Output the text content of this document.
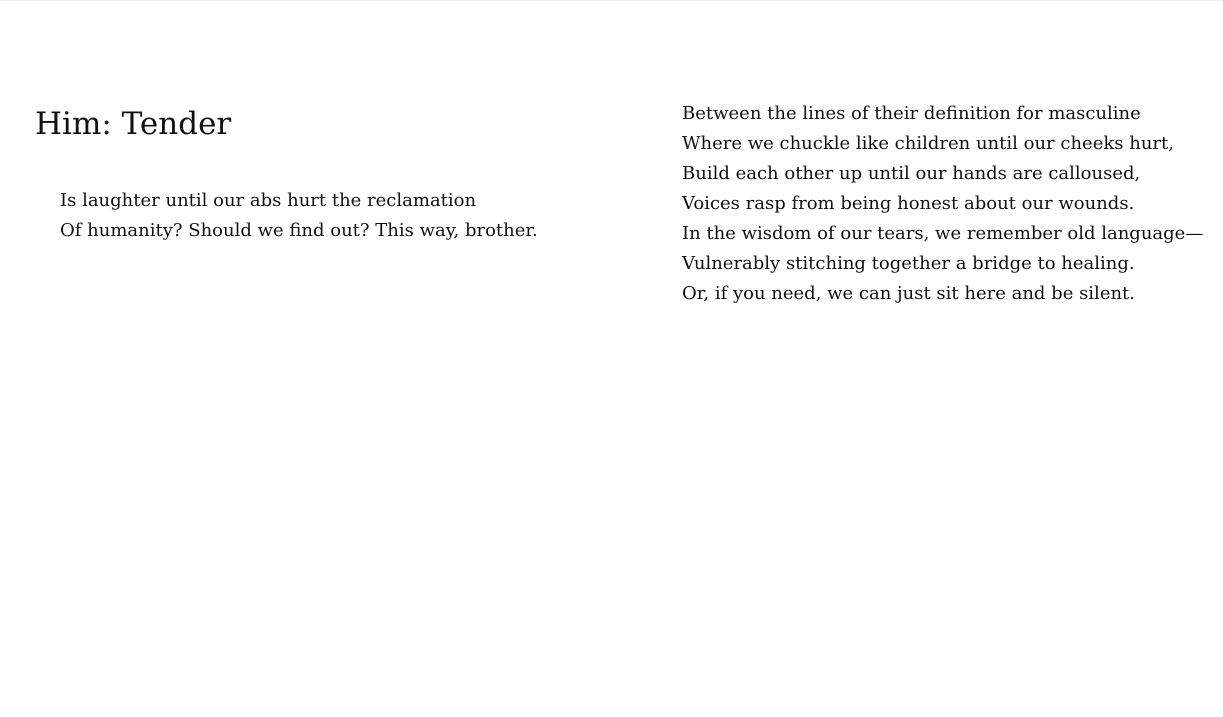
Him: Tender
Is laughter until our abs hurt the reclamation
Of humanity? Should we find out? This way, brother.
Between the lines of their definition for masculine
Where we chuckle like children until our cheeks hurt,
Build each other up until our hands are calloused,
Voices rasp from being honest about our wounds.
In the wisdom of our tears, we remember old language—
Vulnerably stitching together a bridge to healing.
Or, if you need, we can just sit here and be silent.
